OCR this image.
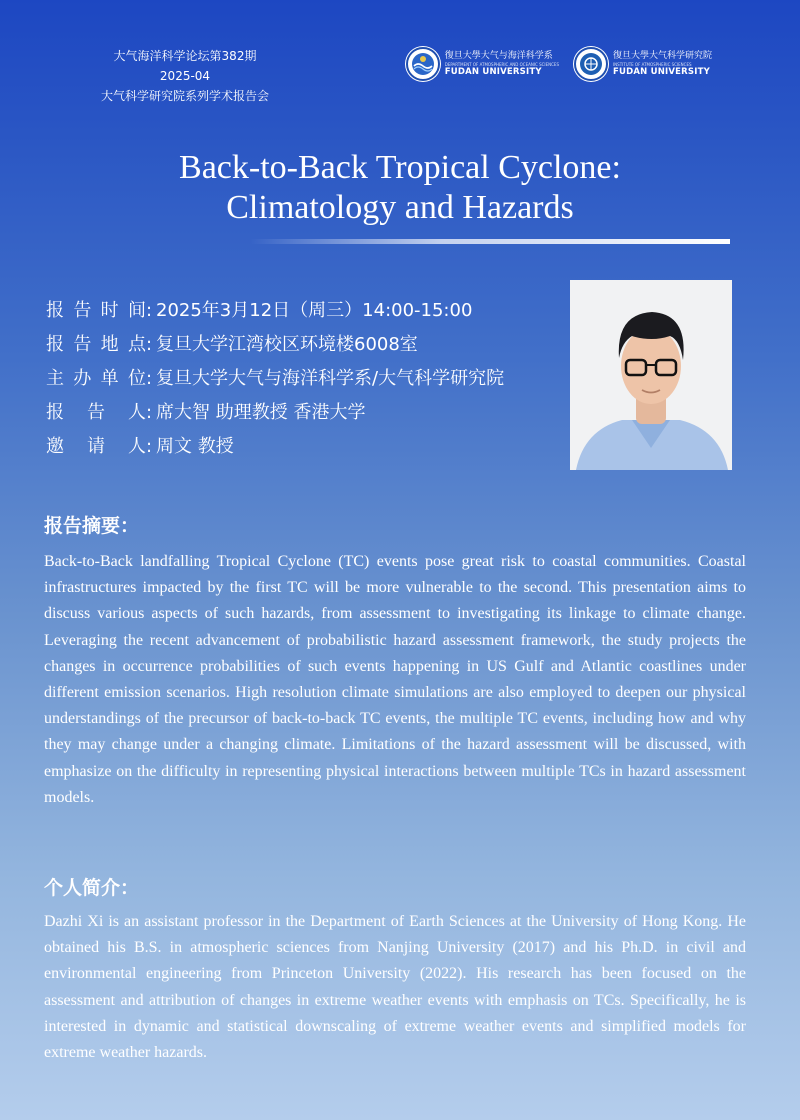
大气海洋科学论坛第382期
2025-04
大气科学研究院系列学术报告会
復旦大學大气与海洋科学系
DEPARTMENT OF ATMOSPHERIC AND OCEANIC SCIENCES
FUDAN UNIVERSITY
復旦大學大气科学研究院
INSTITUTE OF ATMOSPHERIC SCIENCES
FUDAN UNIVERSITY
Back-to-Back Tropical Cyclone:
Climatology and Hazards
报告时间 : 2025年3月12日（周三）14:00-15:00
报告地点 : 复旦大学江湾校区环境楼6008室
主办单位 : 复旦大学大气与海洋科学系/大气科学研究院
报告人 : 席大智 助理教授 香港大学
邀请人 : 周文 教授
报告摘要：

Back-to-Back landfalling Tropical Cyclone (TC) events pose great risk to coastal communities. Coastal infrastructures impacted by the first TC will be more vulnerable to the second. This presentation aims to discuss various aspects of such hazards, from assessment to investigating its linkage to climate change. Leveraging the recent advancement of probabilistic hazard assessment framework, the study projects the changes in occurrence probabilities of such events happening in US Gulf and Atlantic coastlines under different emission scenarios. High resolution climate simulations are also employed to deepen our physical understandings of the precursor of back-to-back TC events, the multiple TC events, including how and why they may change under a changing climate. Limitations of the hazard assessment will be discussed, with emphasize on the difficulty in representing physical interactions between multiple TCs in hazard assessment models.

个人简介：

Dazhi Xi is an assistant professor in the Department of Earth Sciences at the University of Hong Kong. He obtained his B.S. in atmospheric sciences from Nanjing University (2017) and his Ph.D. in civil and environmental engineering from Princeton University (2022). His research has been focused on the assessment and attribution of changes in extreme weather events with emphasis on TCs. Specifically, he is interested in dynamic and statistical downscaling of extreme weather events and simplified models for extreme weather hazards.
